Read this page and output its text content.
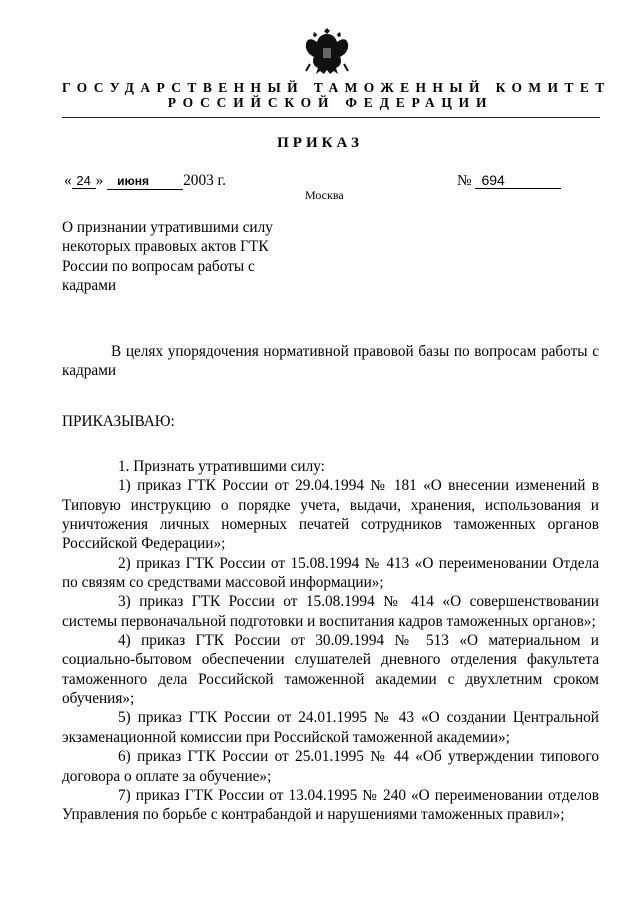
ГОСУДАРСТВЕННЫЙ ТАМОЖЕННЫЙ КОМИТЕТ
РОССИЙСКОЙ ФЕДЕРАЦИИ
ПРИКАЗ
« 24 » июня 2003 г.	№ 694
Москва
О признании утратившими силу
некоторых правовых актов ГТК
России по вопросам работы с
кадрами
В целях упорядочения нормативной правовой базы по вопросам работы с
кадрами
ПРИКАЗЫВАЮ:
1. Признать утратившими силу:
1) приказ ГТК России от 29.04.1994 № 181 «О внесении изменений в
Типовую инструкцию о порядке учета, выдачи, хранения, использования и
уничтожения личных номерных печатей сотрудников таможенных органов
Российской Федерации»;
2) приказ ГТК России от 15.08.1994 № 413 «О переименовании Отдела
по связям со средствами массовой информации»;
3) приказ ГТК России от 15.08.1994 № 414 «О совершенствовании
системы первоначальной подготовки и воспитания кадров таможенных органов»;
4) приказ ГТК России от 30.09.1994 № 513 «О материальном и
социально-бытовом обеспечении слушателей дневного отделения факультета
таможенного дела Российской таможенной академии с двухлетним сроком
обучения»;
5) приказ ГТК России от 24.01.1995 № 43 «О создании Центральной
экзаменационной комиссии при Российской таможенной академии»;
6) приказ ГТК России от 25.01.1995 № 44 «Об утверждении типового
договора о оплате за обучение»;
7) приказ ГТК России от 13.04.1995 № 240 «О переименовании отделов
Управления по борьбе с контрабандой и нарушениями таможенных правил»;
